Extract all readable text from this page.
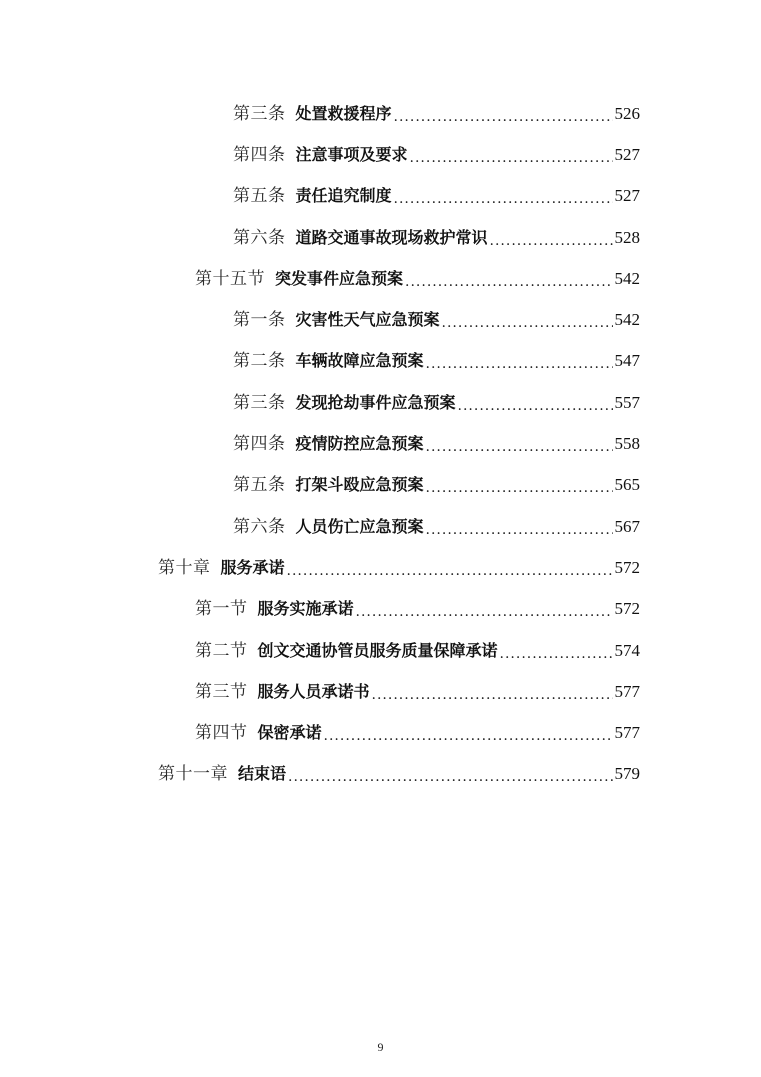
第三条 处置救援程序 .....	526
第四条 注意事项及要求 .....	527
第五条 责任追究制度 .....	527
第六条 道路交通事故现场救护常识 .....	528
第十五节 突发事件应急预案 .....	542
第一条 灾害性天气应急预案 .....	542
第二条 车辆故障应急预案 .....	547
第三条 发现抢劫事件应急预案 .....	557
第四条 疫情防控应急预案 .....	558
第五条 打架斗殴应急预案 .....	565
第六条 人员伤亡应急预案 .....	567
第十章 服务承诺 .....	572
第一节 服务实施承诺 .....	572
第二节 创文交通协管员服务质量保障承诺 .....	574
第三节 服务人员承诺书 .....	577
第四节 保密承诺 .....	577
第十一章 结束语 .....	579
9
